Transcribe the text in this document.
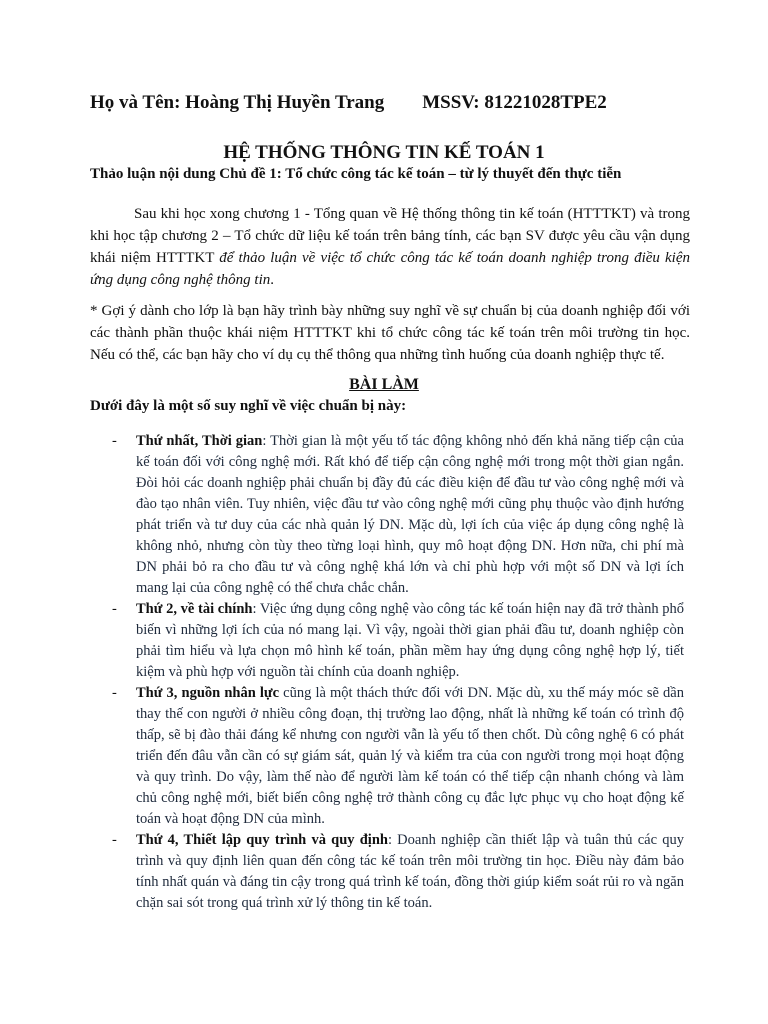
Họ và Tên: Hoàng Thị Huyền Trang MSSV: 81221028TPE2
HỆ THỐNG THÔNG TIN KẾ TOÁN 1
Thảo luận nội dung Chủ đề 1: Tổ chức công tác kế toán – từ lý thuyết đến thực tiễn

Sau khi học xong chương 1 - Tổng quan về Hệ thống thông tin kế toán (HTTTKT) và trong khi học tập chương 2 – Tổ chức dữ liệu kế toán trên bảng tính, các bạn SV được yêu cầu vận dụng khái niệm HTTTKT để thảo luận về việc tổ chức công tác kế toán doanh nghiệp trong điều kiện ứng dụng công nghệ thông tin.

* Gợi ý dành cho lớp là bạn hãy trình bày những suy nghĩ về sự chuẩn bị của doanh nghiệp đối với các thành phần thuộc khái niệm HTTTKT khi tổ chức công tác kế toán trên môi trường tin học. Nếu có thể, các bạn hãy cho ví dụ cụ thể thông qua những tình huống của doanh nghiệp thực tế.

BÀI LÀM
Dưới đây là một số suy nghĩ về việc chuẩn bị này:
- Thứ nhất, Thời gian: Thời gian là một yếu tố tác động không nhỏ đến khả năng tiếp cận của kế toán đối với công nghệ mới. Rất khó để tiếp cận công nghệ mới trong một thời gian ngắn. Đòi hỏi các doanh nghiệp phải chuẩn bị đầy đủ các điều kiện để đầu tư vào công nghệ mới và đào tạo nhân viên. Tuy nhiên, việc đầu tư vào công nghệ mới cũng phụ thuộc vào định hướng phát triển và tư duy của các nhà quản lý DN. Mặc dù, lợi ích của việc áp dụng công nghệ là không nhỏ, nhưng còn tùy theo từng loại hình, quy mô hoạt động DN. Hơn nữa, chi phí mà DN phải bỏ ra cho đầu tư và công nghệ khá lớn và chỉ phù hợp với một số DN và lợi ích mang lại của công nghệ có thể chưa chắc chắn.
- Thứ 2, về tài chính: Việc ứng dụng công nghệ vào công tác kế toán hiện nay đã trở thành phổ biến vì những lợi ích của nó mang lại. Vì vậy, ngoài thời gian phải đầu tư, doanh nghiệp còn phải tìm hiểu và lựa chọn mô hình kế toán, phần mềm hay ứng dụng công nghệ hợp lý, tiết kiệm và phù hợp với nguồn tài chính của doanh nghiệp.
- Thứ 3, nguồn nhân lực cũng là một thách thức đối với DN. Mặc dù, xu thế máy móc sẽ dần thay thế con người ở nhiều công đoạn, thị trường lao động, nhất là những kế toán có trình độ thấp, sẽ bị đào thải đáng kể nhưng con người vẫn là yếu tố then chốt. Dù công nghệ 6 có phát triển đến đâu vẫn cần có sự giám sát, quản lý và kiểm tra của con người trong mọi hoạt động và quy trình. Do vậy, làm thế nào để người làm kế toán có thể tiếp cận nhanh chóng và làm chủ công nghệ mới, biết biến công nghệ trở thành công cụ đắc lực phục vụ cho hoạt động kế toán và hoạt động DN của mình.
- Thứ 4, Thiết lập quy trình và quy định: Doanh nghiệp cần thiết lập và tuân thủ các quy trình và quy định liên quan đến công tác kế toán trên môi trường tin học. Điều này đảm bảo tính nhất quán và đáng tin cậy trong quá trình kế toán, đồng thời giúp kiểm soát rủi ro và ngăn chặn sai sót trong quá trình xử lý thông tin kế toán.
